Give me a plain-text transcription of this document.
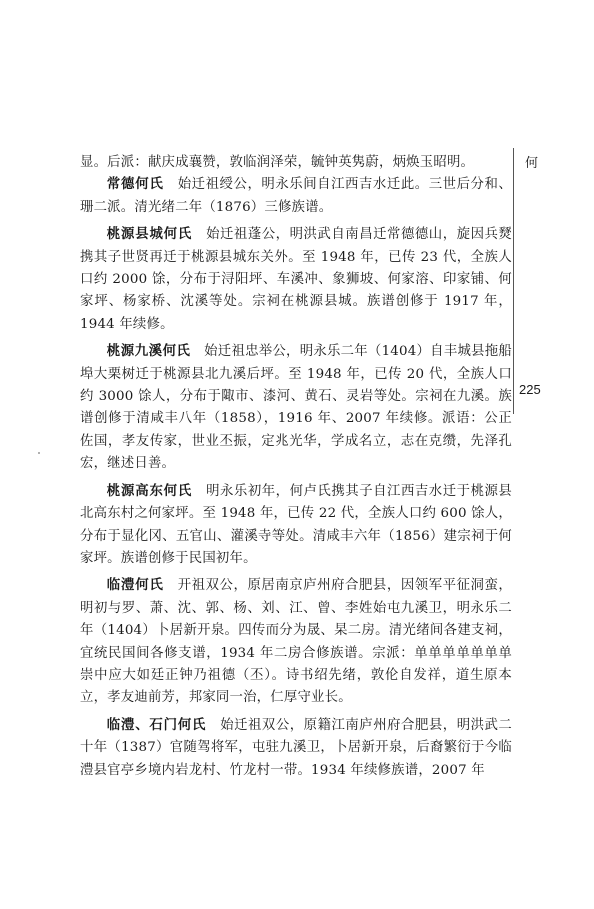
显。后派：献庆成襄赞，敦临润泽荣，毓钟英隽蔚，炳焕玉昭明。

常德何氏　 始迁祖绶公，明永乐间自江西吉水迁此。三世后分和、珊二派。清光绪二年（1876）三修族谱。

桃源县城何氏　 始迁祖蓬公，明洪武自南昌迁常德德山，旋因兵燹携其子世贤再迁于桃源县城东关外。至 1948 年，已传 23 代，全族人口约 2000 馀，分布于浔阳坪、车溪冲、象狮坡、何家溶、印家铺、何家坪、杨家桥、沈溪等处。宗祠在桃源县城。族谱创修于 1917 年，1944 年续修。

桃源九溪何氏　 始迁祖忠举公，明永乐二年（1404）自丰城县拖船埠大栗树迁于桃源县北九溪后坪。至 1948 年，已传 20 代，全族人口约 3000 馀人，分布于陬市、漆河、黄石、灵岩等处。宗祠在九溪。族谱创修于清咸丰八年（1858），1916 年、2007 年续修。派语：公正佐国，孝友传家，世业丕振，定兆光华，学成名立，志在克缵，先泽孔宏，继述日善。

桃源高东何氏　 明永乐初年，何卢氏携其子自江西吉水迁于桃源县北高东村之何家坪。至 1948 年，已传 22 代，全族人口约 600 馀人，分布于显化冈、五官山、灌溪寺等处。清咸丰六年（1856）建宗祠于何家坪。族谱创修于民国初年。

临澧何氏　 开祖双公，原居南京庐州府合肥县，因领军平征洞蛮，明初与罗、萧、沈、郭、杨、刘、江、曾、李姓始屯九溪卫，明永乐二年（1404）卜居新开泉。四传而分为晟、杲二房。清光绪间各建支祠，宜统民国间各修支谱，1934 年二房合修族谱。宗派：单单单单单单单崇中应大如廷正钟乃祖德（丕）。诗书绍先绪，敦伦自发祥，道生原本立，孝友迪前芳，邦家同一治，仁厚守业长。

临澧、石门何氏　 始迁祖双公，原籍江南庐州府合肥县，明洪武二十年（1387）官随驾将军，屯驻九溪卫，卜居新开泉，后裔繁衍于今临澧县官亭乡境内岩龙村、竹龙村一带。1934 年续修族谱，2007 年

何
225
